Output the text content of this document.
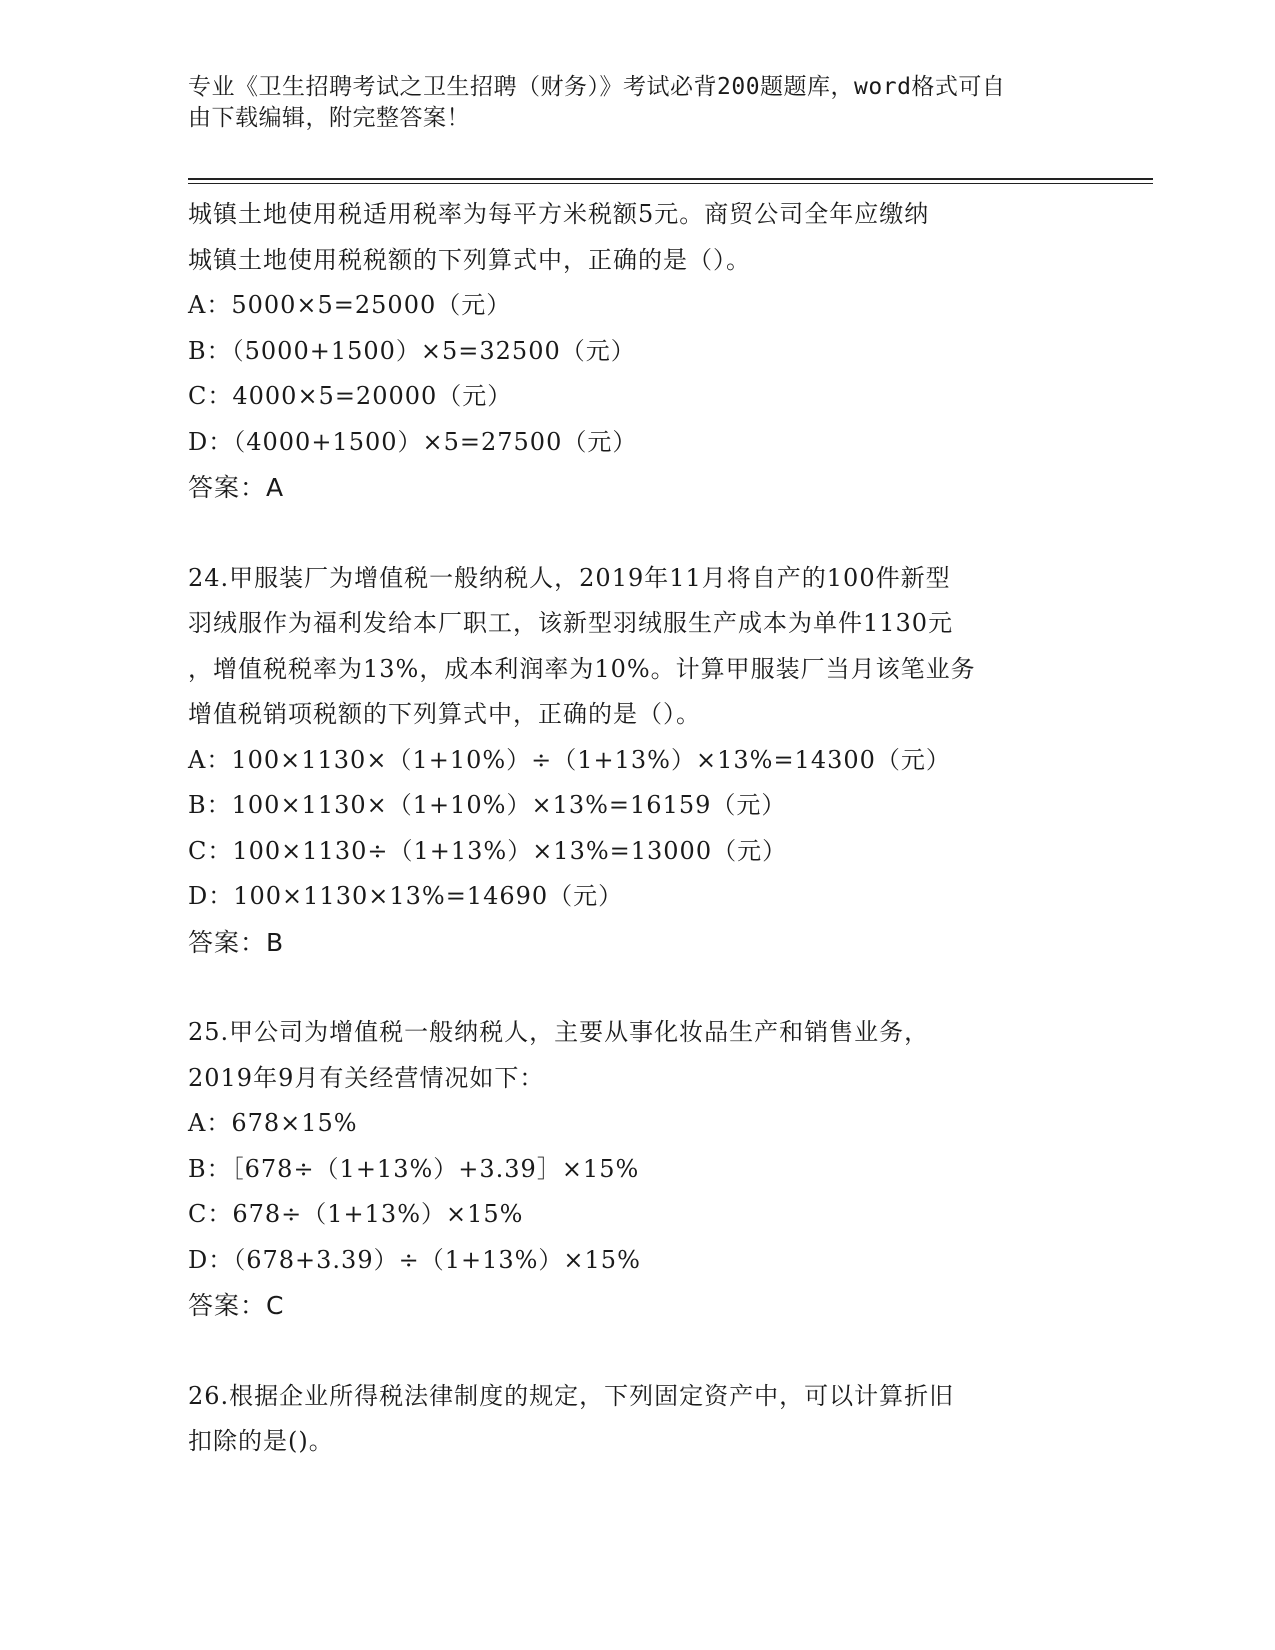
专业《卫生招聘考试之卫生招聘（财务）》考试必背200题题库，word格式可自
由下载编辑，附完整答案！
城镇土地使用税适用税率为每平方米税额5元。商贸公司全年应缴纳
城镇土地使用税税额的下列算式中，正确的是（）。
A：5000×5=25000（元）
B：（5000+1500）×5=32500（元）
C：4000×5=20000（元）
D：（4000+1500）×5=27500（元）
答案：A
24.甲服装厂为增值税一般纳税人，2019年11月将自产的100件新型
羽绒服作为福利发给本厂职工，该新型羽绒服生产成本为单件1130元
，增值税税率为13%，成本利润率为10%。计算甲服装厂当月该笔业务
增值税销项税额的下列算式中，正确的是（）。
A：100×1130×（1+10%）÷（1+13%）×13%=14300（元）
B：100×1130×（1+10%）×13%=16159（元）
C：100×1130÷（1+13%）×13%=13000（元）
D：100×1130×13%=14690（元）
答案：B
25.甲公司为增值税一般纳税人，主要从事化妆品生产和销售业务，
2019年9月有关经营情况如下：
A：678×15%
B：［678÷（1+13%）+3.39］×15%
C：678÷（1+13%）×15%
D：（678+3.39）÷（1+13%）×15%
答案：C
26.根据企业所得税法律制度的规定，下列固定资产中，可以计算折旧
扣除的是()。
